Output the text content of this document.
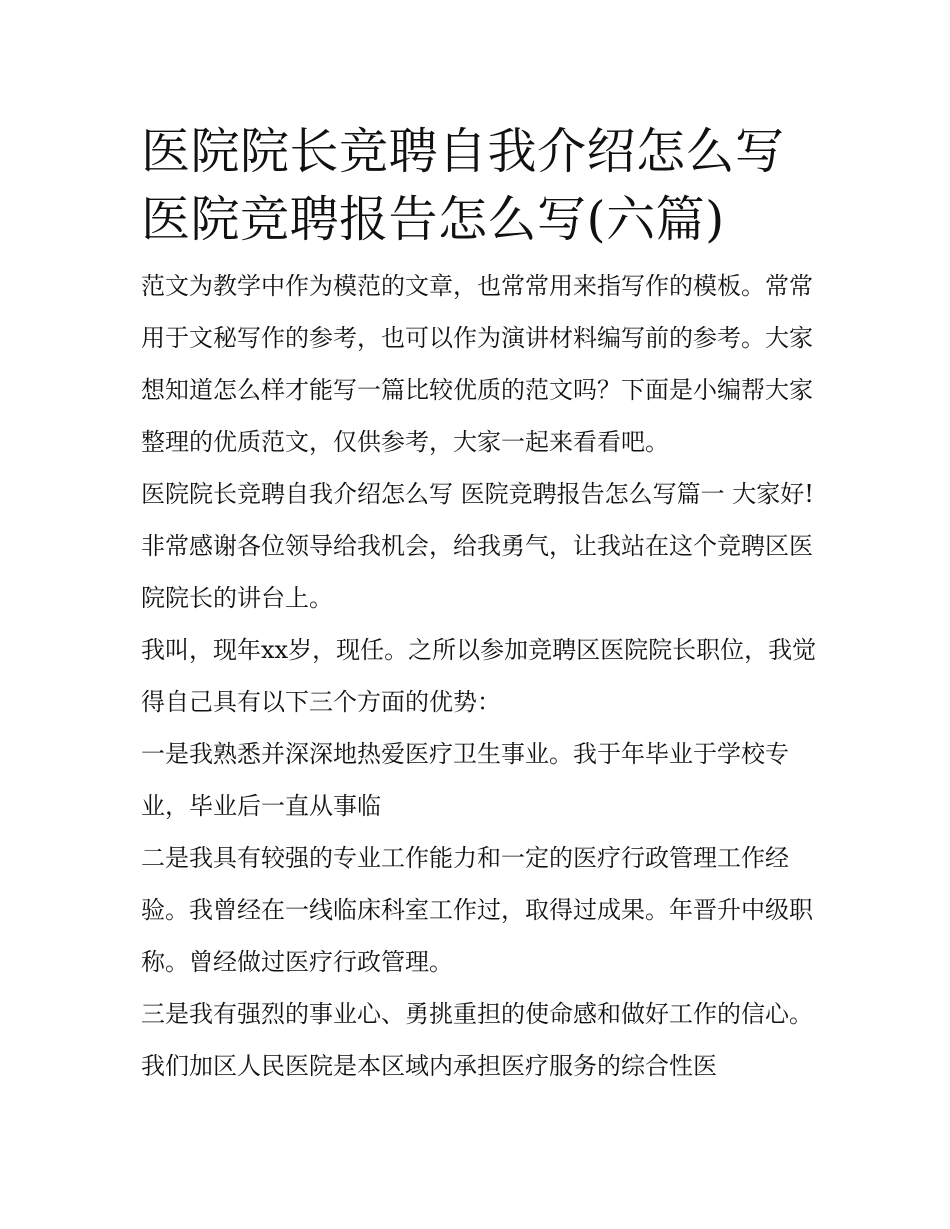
医院院长竞聘自我介绍怎么写
医院竞聘报告怎么写(六篇)

范文为教学中作为模范的文章，也常常用来指写作的模板。常常用于文秘写作的参考，也可以作为演讲材料编写前的参考。大家想知道怎么样才能写一篇比较优质的范文吗？下面是小编帮大家整理的优质范文，仅供参考，大家一起来看看吧。

医院院长竞聘自我介绍怎么写 医院竞聘报告怎么写篇一 大家好!非常感谢各位领导给我机会，给我勇气，让我站在这个竞聘区医院院长的讲台上。

我叫，现年xx岁，现任。之所以参加竞聘区医院院长职位，我觉得自己具有以下三个方面的优势：

一是我熟悉并深深地热爱医疗卫生事业。我于年毕业于学校专业，毕业后一直从事临

二是我具有较强的专业工作能力和一定的医疗行政管理工作经验。我曾经在一线临床科室工作过，取得过成果。年晋升中级职称。曾经做过医疗行政管理。

三是我有强烈的事业心、勇挑重担的使命感和做好工作的信心。我们加区人民医院是本区域内承担医疗服务的综合性医
